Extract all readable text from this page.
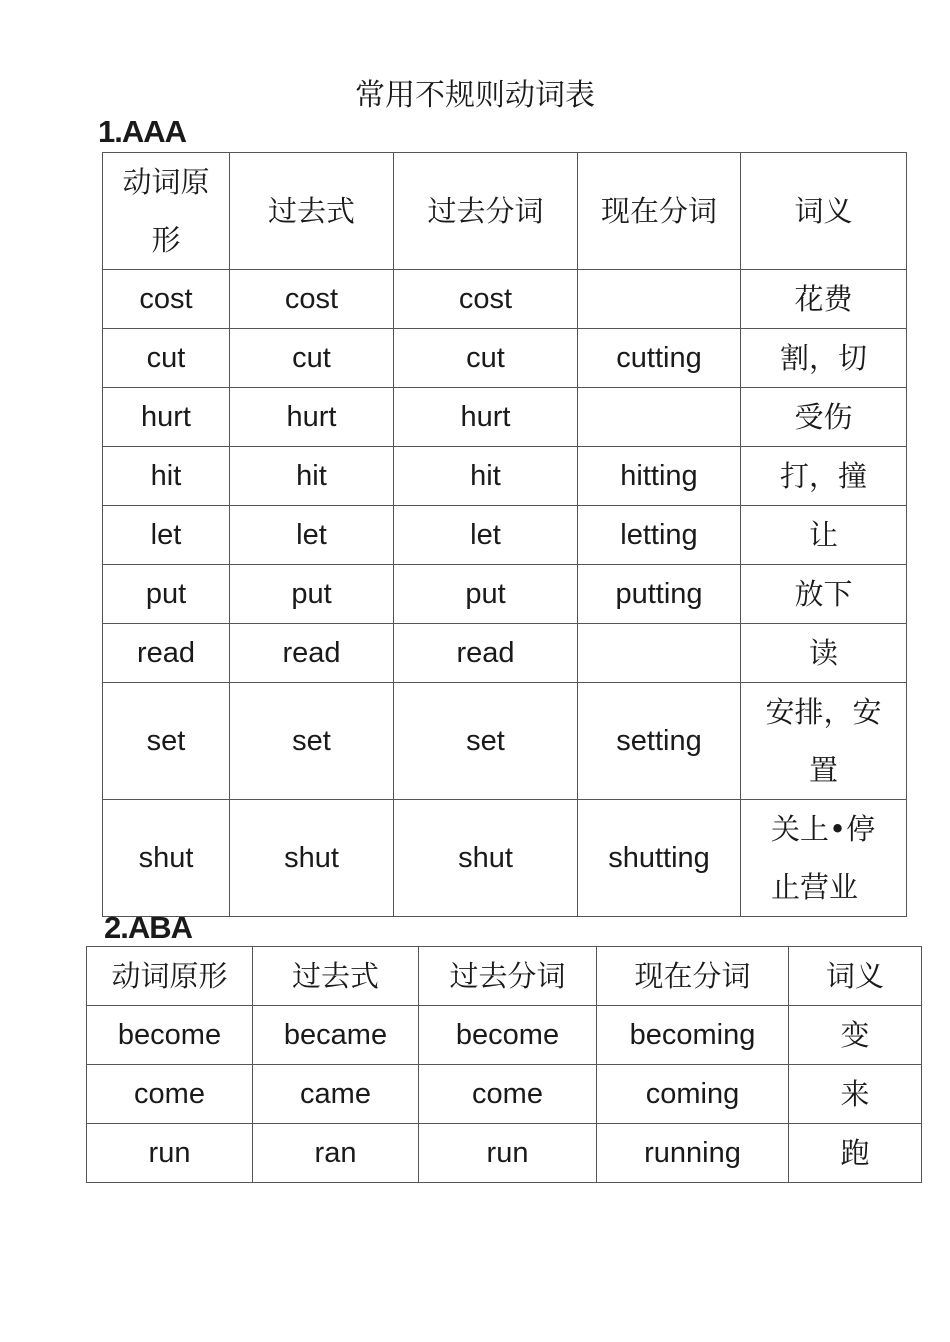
常用不规则动词表
1.AAA
动词原形	过去式	过去分词	现在分词	词义
cost	cost	cost		花费
cut	cut	cut	cutting	割，切
hurt	hurt	hurt		受伤
hit	hit	hit	hitting	打，撞
let	let	let	letting	让
put	put	put	putting	放下
read	read	read		读
set	set	set	setting	安排，安置
shut	shut	shut	shutting	关上•停止营业
2.ABA
动词原形	过去式	过去分词	现在分词	词义
become	became	become	becoming	变
come	came	come	coming	来
run	ran	run	running	跑
